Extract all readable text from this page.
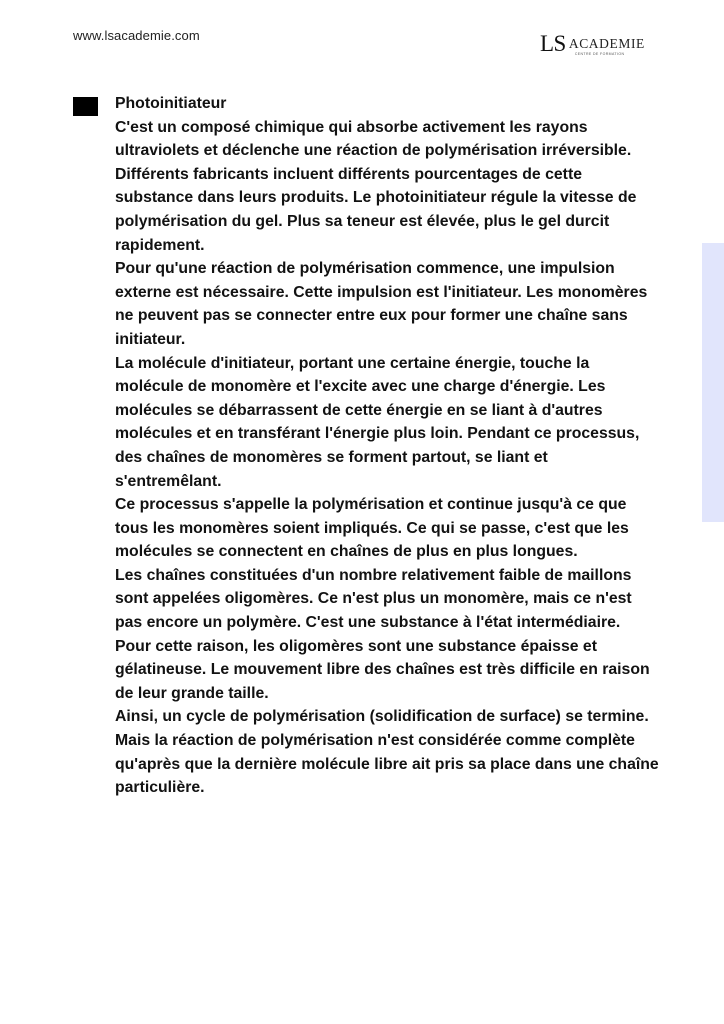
www.lsacademie.com	LS ACADEMIE
CENTRE DE FORMATION

Photoinitiateur

C'est un composé chimique qui absorbe activement les rayons
ultraviolets et déclenche une réaction de polymérisation irréversible.
Différents fabricants incluent différents pourcentages de cette
substance dans leurs produits. Le photoinitiateur régule la vitesse de
polymérisation du gel. Plus sa teneur est élevée, plus le gel durcit
rapidement.

Pour qu'une réaction de polymérisation commence, une impulsion
externe est nécessaire. Cette impulsion est l'initiateur. Les monomères
ne peuvent pas se connecter entre eux pour former une chaîne sans
initiateur.

La molécule d'initiateur, portant une certaine énergie, touche la
molécule de monomère et l'excite avec une charge d'énergie. Les
molécules se débarrassent de cette énergie en se liant à d'autres
molécules et en transférant l'énergie plus loin. Pendant ce processus,
des chaînes de monomères se forment partout, se liant et
s'entremêlant.

Ce processus s'appelle la polymérisation et continue jusqu'à ce que
tous les monomères soient impliqués. Ce qui se passe, c'est que les
molécules se connectent en chaînes de plus en plus longues.

Les chaînes constituées d'un nombre relativement faible de maillons
sont appelées oligomères. Ce n'est plus un monomère, mais ce n'est
pas encore un polymère. C'est une substance à l'état intermédiaire.

Pour cette raison, les oligomères sont une substance épaisse et
gélatineuse. Le mouvement libre des chaînes est très difficile en raison
de leur grande taille.

Ainsi, un cycle de polymérisation (solidification de surface) se termine.
Mais la réaction de polymérisation n'est considérée comme complète
qu'après que la dernière molécule libre ait pris sa place dans une chaîne
particulière.
